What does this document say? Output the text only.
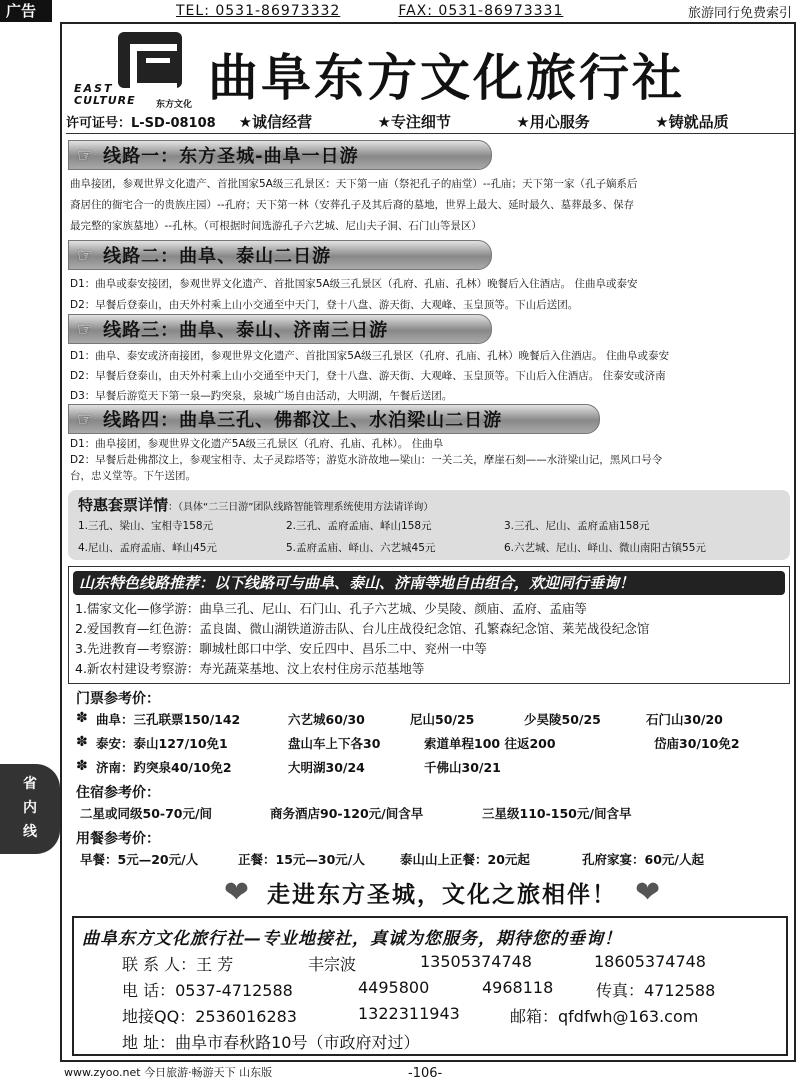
广告	TEL: 0531-86973332	FAX: 0531-86973331	旅游同行免费索引
省
内
线
EAST
CULTURE 东方文化 曲阜东方文化旅行社
许可证号：L-SD-08108	★诚信经营	★专注细节	★用心服务	★铸就品质
☞ 线路一：东方圣城-曲阜一日游
曲阜接团，参观世界文化遗产、首批国家5A级三孔景区：天下第一庙（祭祀孔子的庙堂）--孔庙；天下第一家（孔子嫡系后
裔居住的衙宅合一的贵族庄园）--孔府；天下第一林（安葬孔子及其后裔的墓地，世界上最大、延时最久、墓葬最多、保存
最完整的家族墓地）--孔林。（可根据时间选游孔子六艺城、尼山夫子洞、石门山等景区）
☞ 线路二：曲阜、泰山二日游
D1：曲阜或泰安接团，参观世界文化遗产、首批国家5A级三孔景区（孔府、孔庙、孔林）晚餐后入住酒店。 住曲阜或泰安
D2：早餐后登泰山，由天外村乘上山小交通至中天门，登十八盘、游天街、大观峰、玉皇顶等。下山后送团。
☞ 线路三：曲阜、泰山、济南三日游
D1：曲阜、泰安或济南接团，参观世界文化遗产、首批国家5A级三孔景区（孔府、孔庙、孔林）晚餐后入住酒店。 住曲阜或泰安
D2：早餐后登泰山，由天外村乘上山小交通至中天门，登十八盘、游天街、大观峰、玉皇顶等。下山后入住酒店。 住泰安或济南
D3：早餐后游览天下第一泉—趵突泉，泉城广场自由活动，大明湖，午餐后送团。
☞ 线路四：曲阜三孔、佛都汶上、水泊梁山二日游
D1：曲阜接团，参观世界文化遗产5A级三孔景区（孔府、孔庙、孔林）。 住曲阜
D2：早餐后赴佛都汶上，参观宝相寺、太子灵踪塔等；游览水浒故地—梁山：一关二关，摩崖石刻——水浒梁山记，黑风口号令
台，忠义堂等。下午送团。
特惠套票详情：（具体“二三日游”团队线路智能管理系统使用方法请详询）
1.三孔、梁山、宝相寺158元	2.三孔、孟府孟庙、峄山158元	3.三孔、尼山、孟府孟庙158元
4.尼山、孟府孟庙、峄山45元	5.孟府孟庙、峄山、六艺城45元	6.六艺城、尼山、峄山、微山南阳古镇55元
山东特色线路推荐：以下线路可与曲阜、泰山、济南等地自由组合，欢迎同行垂询！
1.儒家文化—修学游：曲阜三孔、尼山、石门山、孔子六艺城、少昊陵、颜庙、孟府、孟庙等
2.爱国教育—红色游：孟良崮、微山湖铁道游击队、台儿庄战役纪念馆、孔繁森纪念馆、莱芜战役纪念馆
3.先进教育—考察游：聊城杜郎口中学、安丘四中、昌乐二中、兖州一中等
4.新农村建设考察游：寿光蔬菜基地、汶上农村住房示范基地等
门票参考价：
✽ 曲阜：三孔联票150/142	六艺城60/30	尼山50/25	少昊陵50/25	石门山30/20
✽ 泰安：泰山127/10免1	盘山车上下各30	索道单程100 往返200	岱庙30/10免2
✽ 济南：趵突泉40/10免2	大明湖30/24	千佛山30/21
住宿参考价：
二星或同级50-70元/间	商务酒店90-120元/间含早	三星级110-150元/间含早
用餐参考价：
早餐：5元—20元/人	正餐：15元—30元/人	泰山山上正餐：20元起	孔府家宴：60元/人起
❤ 走进东方圣城，文化之旅相伴！ ❤
曲阜东方文化旅行社—专业地接社，真诚为您服务，期待您的垂询！
联 系 人：王 芳	丰宗波	13505374748	18605374748
电 话：0537-4712588	4495800	4968118	传真：4712588
地接QQ：2536016283	1322311943	邮箱：qfdfwh@163.com
地 址：曲阜市春秋路10号（市政府对过）
www.zyoo.net 今日旅游·畅游天下 山东版	-106-
